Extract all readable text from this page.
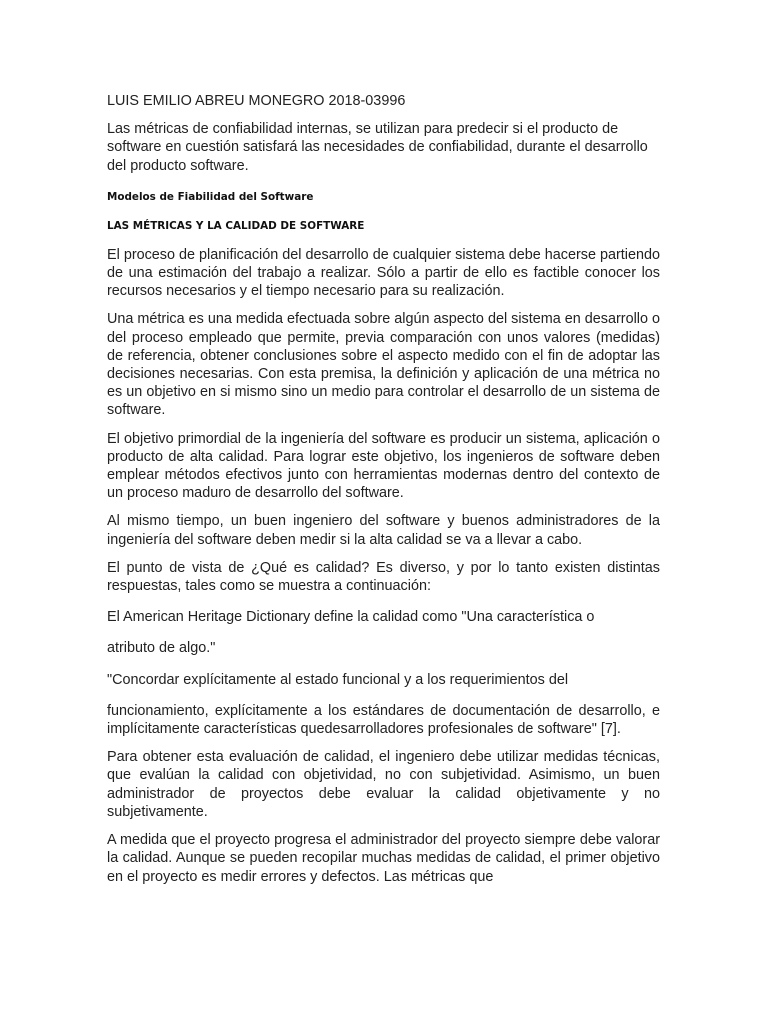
LUIS EMILIO ABREU MONEGRO 2018-03996

Las métricas de confiabilidad internas, se utilizan para predecir si el producto de software en cuestión satisfará las necesidades de confiabilidad, durante el desarrollo del producto software.

Modelos de Fiabilidad del Software

LAS MÉTRICAS Y LA CALIDAD DE SOFTWARE

El proceso de planificación del desarrollo de cualquier sistema debe hacerse partiendo de una estimación del trabajo a realizar. Sólo a partir de ello es factible conocer los recursos necesarios y el tiempo necesario para su realización.

Una métrica es una medida efectuada sobre algún aspecto del sistema en desarrollo o del proceso empleado que permite, previa comparación con unos valores (medidas) de referencia, obtener conclusiones sobre el aspecto medido con el fin de adoptar las decisiones necesarias. Con esta premisa, la definición y aplicación de una métrica no es un objetivo en si mismo sino un medio para controlar el desarrollo de un sistema de software.

El objetivo primordial de la ingeniería del software es producir un sistema, aplicación o producto de alta calidad. Para lograr este objetivo, los ingenieros de software deben emplear métodos efectivos junto con herramientas modernas dentro del contexto de un proceso maduro de desarrollo del software.

Al mismo tiempo, un buen ingeniero del software y buenos administradores de la ingeniería del software deben medir si la alta calidad se va a llevar a cabo.

El punto de vista de ¿Qué es calidad? Es diverso, y por lo tanto existen distintas respuestas, tales como se muestra a continuación:

El American Heritage Dictionary define la calidad como "Una característica o

atributo de algo."

"Concordar explícitamente al estado funcional y a los requerimientos del

funcionamiento, explícitamente a los estándares de documentación de desarrollo, e implícitamente características quedesarrolladores profesionales de software" [7].

Para obtener esta evaluación de calidad, el ingeniero debe utilizar medidas técnicas, que evalúan la calidad con objetividad, no con subjetividad. Asimismo, un buen administrador de proyectos debe evaluar la calidad objetivamente y no subjetivamente.

A medida que el proyecto progresa el administrador del proyecto siempre debe valorar la calidad. Aunque se pueden recopilar muchas medidas de calidad, el primer objetivo en el proyecto es medir errores y defectos. Las métricas que
